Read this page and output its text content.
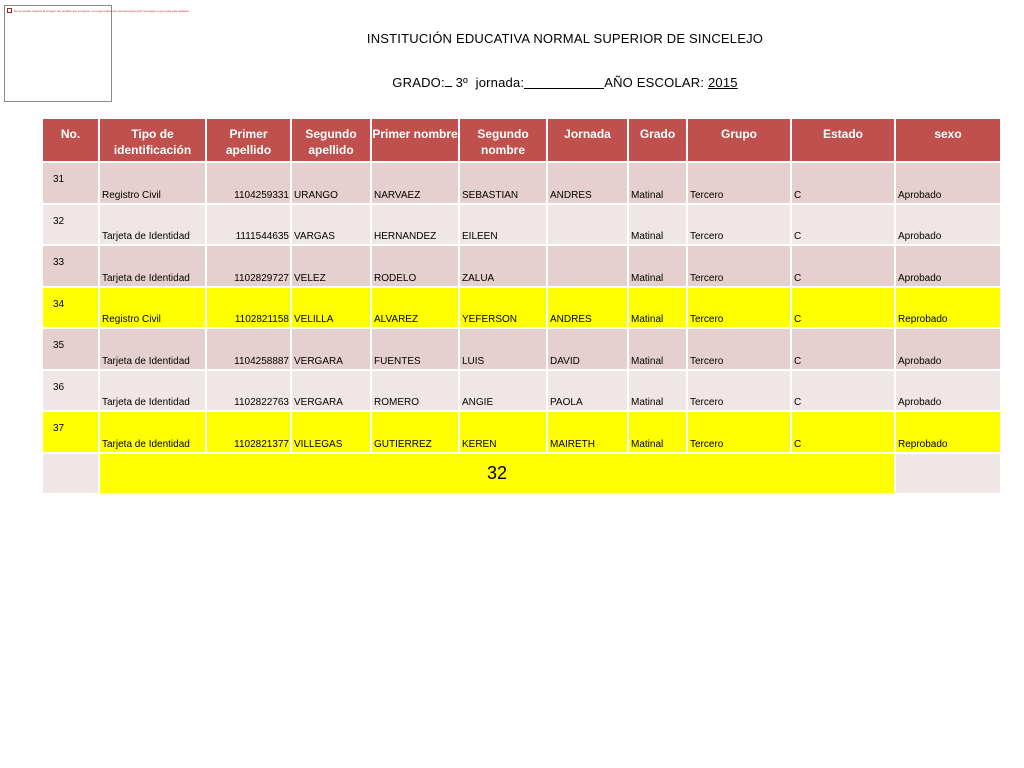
No se puede mostrar la imagen. Es posible que el equipo no tenga suficiente memoria para abrir la imagen o que esta esté dañada.
INSTITUCIÓN EDUCATIVA NORMAL SUPERIOR DE SINCELEJO
GRADO: 3º jornada:	AÑO ESCOLAR: 2015
No.	Tipo de identificación	Primer apellido	Segundo apellido	Primer nombre	Segundo nombre	Jornada	Grado	Grupo	Estado	sexo
31	Registro Civil	1104259331	URANGO	NARVAEZ	SEBASTIAN	ANDRES	Matinal	Tercero	C	Aprobado
32	Tarjeta de Identidad	1111544635	VARGAS	HERNANDEZ	EILEEN		Matinal	Tercero	C	Aprobado
33	Tarjeta de Identidad	1102829727	VELEZ	RODELO	ZALUA		Matinal	Tercero	C	Aprobado
34	Registro Civil	1102821158	VELILLA	ALVAREZ	YEFERSON	ANDRES	Matinal	Tercero	C	Reprobado
35	Tarjeta de Identidad	1104258887	VERGARA	FUENTES	LUIS	DAVID	Matinal	Tercero	C	Aprobado
36	Tarjeta de Identidad	1102822763	VERGARA	ROMERO	ANGIE	PAOLA	Matinal	Tercero	C	Aprobado
37	Tarjeta de Identidad	1102821377	VILLEGAS	GUTIERREZ	KEREN	MAIRETH	Matinal	Tercero	C	Reprobado
	32									
